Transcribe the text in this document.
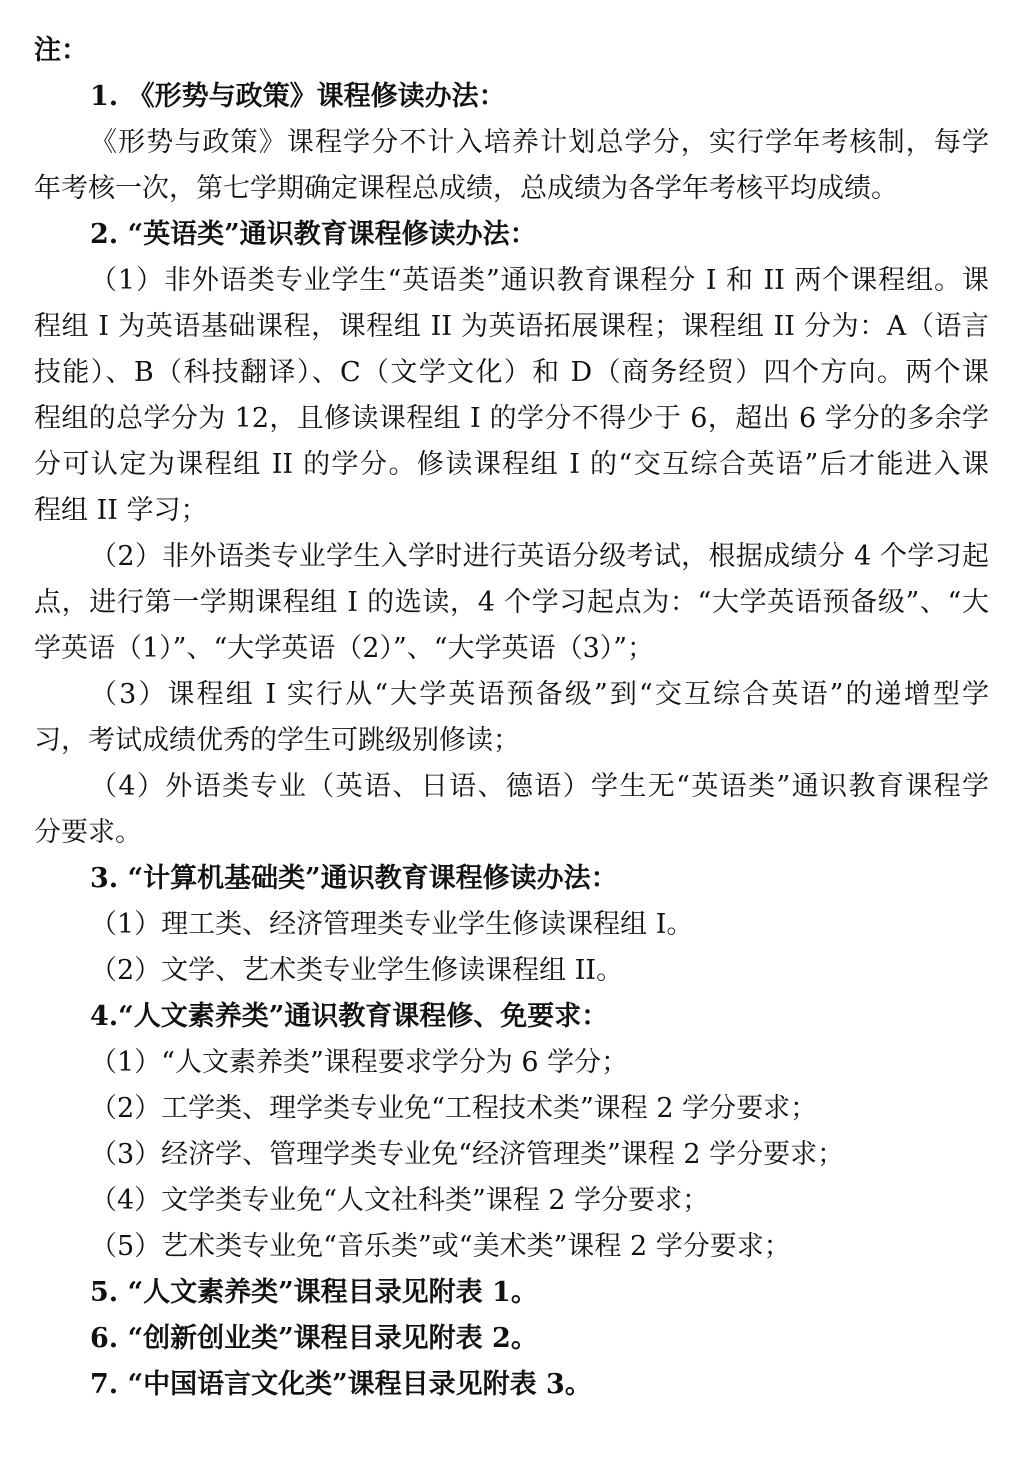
注：
1. 《形势与政策》课程修读办法：
《形势与政策》课程学分不计入培养计划总学分，实行学年考核制，每学
年考核一次，第七学期确定课程总成绩，总成绩为各学年考核平均成绩。
2. “英语类”通识教育课程修读办法：
（1）非外语类专业学生“英语类”通识教育课程分 I 和 II 两个课程组。课
程组 I 为英语基础课程，课程组 II 为英语拓展课程；课程组 II 分为：A（语言
技能）、B（科技翻译）、C（文学文化）和 D（商务经贸）四个方向。两个课
程组的总学分为 12，且修读课程组 I 的学分不得少于 6，超出 6 学分的多余学
分可认定为课程组 II 的学分。修读课程组 I 的“交互综合英语”后才能进入课
程组 II 学习；
（2）非外语类专业学生入学时进行英语分级考试，根据成绩分 4 个学习起
点，进行第一学期课程组 I 的选读，4 个学习起点为：“大学英语预备级”、“大
学英语（1）”、“大学英语（2）”、“大学英语（3）”；
（3）课程组 I 实行从“大学英语预备级”到“交互综合英语”的递增型学
习，考试成绩优秀的学生可跳级别修读；
（4）外语类专业（英语、日语、德语）学生无“英语类”通识教育课程学
分要求。
3. “计算机基础类”通识教育课程修读办法：
（1）理工类、经济管理类专业学生修读课程组 I。
（2）文学、艺术类专业学生修读课程组 II。
4.“人文素养类”通识教育课程修、免要求：
（1）“人文素养类”课程要求学分为 6 学分；
（2）工学类、理学类专业免“工程技术类”课程 2 学分要求；
（3）经济学、管理学类专业免“经济管理类”课程 2 学分要求；
（4）文学类专业免“人文社科类”课程 2 学分要求；
（5）艺术类专业免“音乐类”或“美术类”课程 2 学分要求；
5. “人文素养类”课程目录见附表 1。
6. “创新创业类”课程目录见附表 2。
7. “中国语言文化类”课程目录见附表 3。
